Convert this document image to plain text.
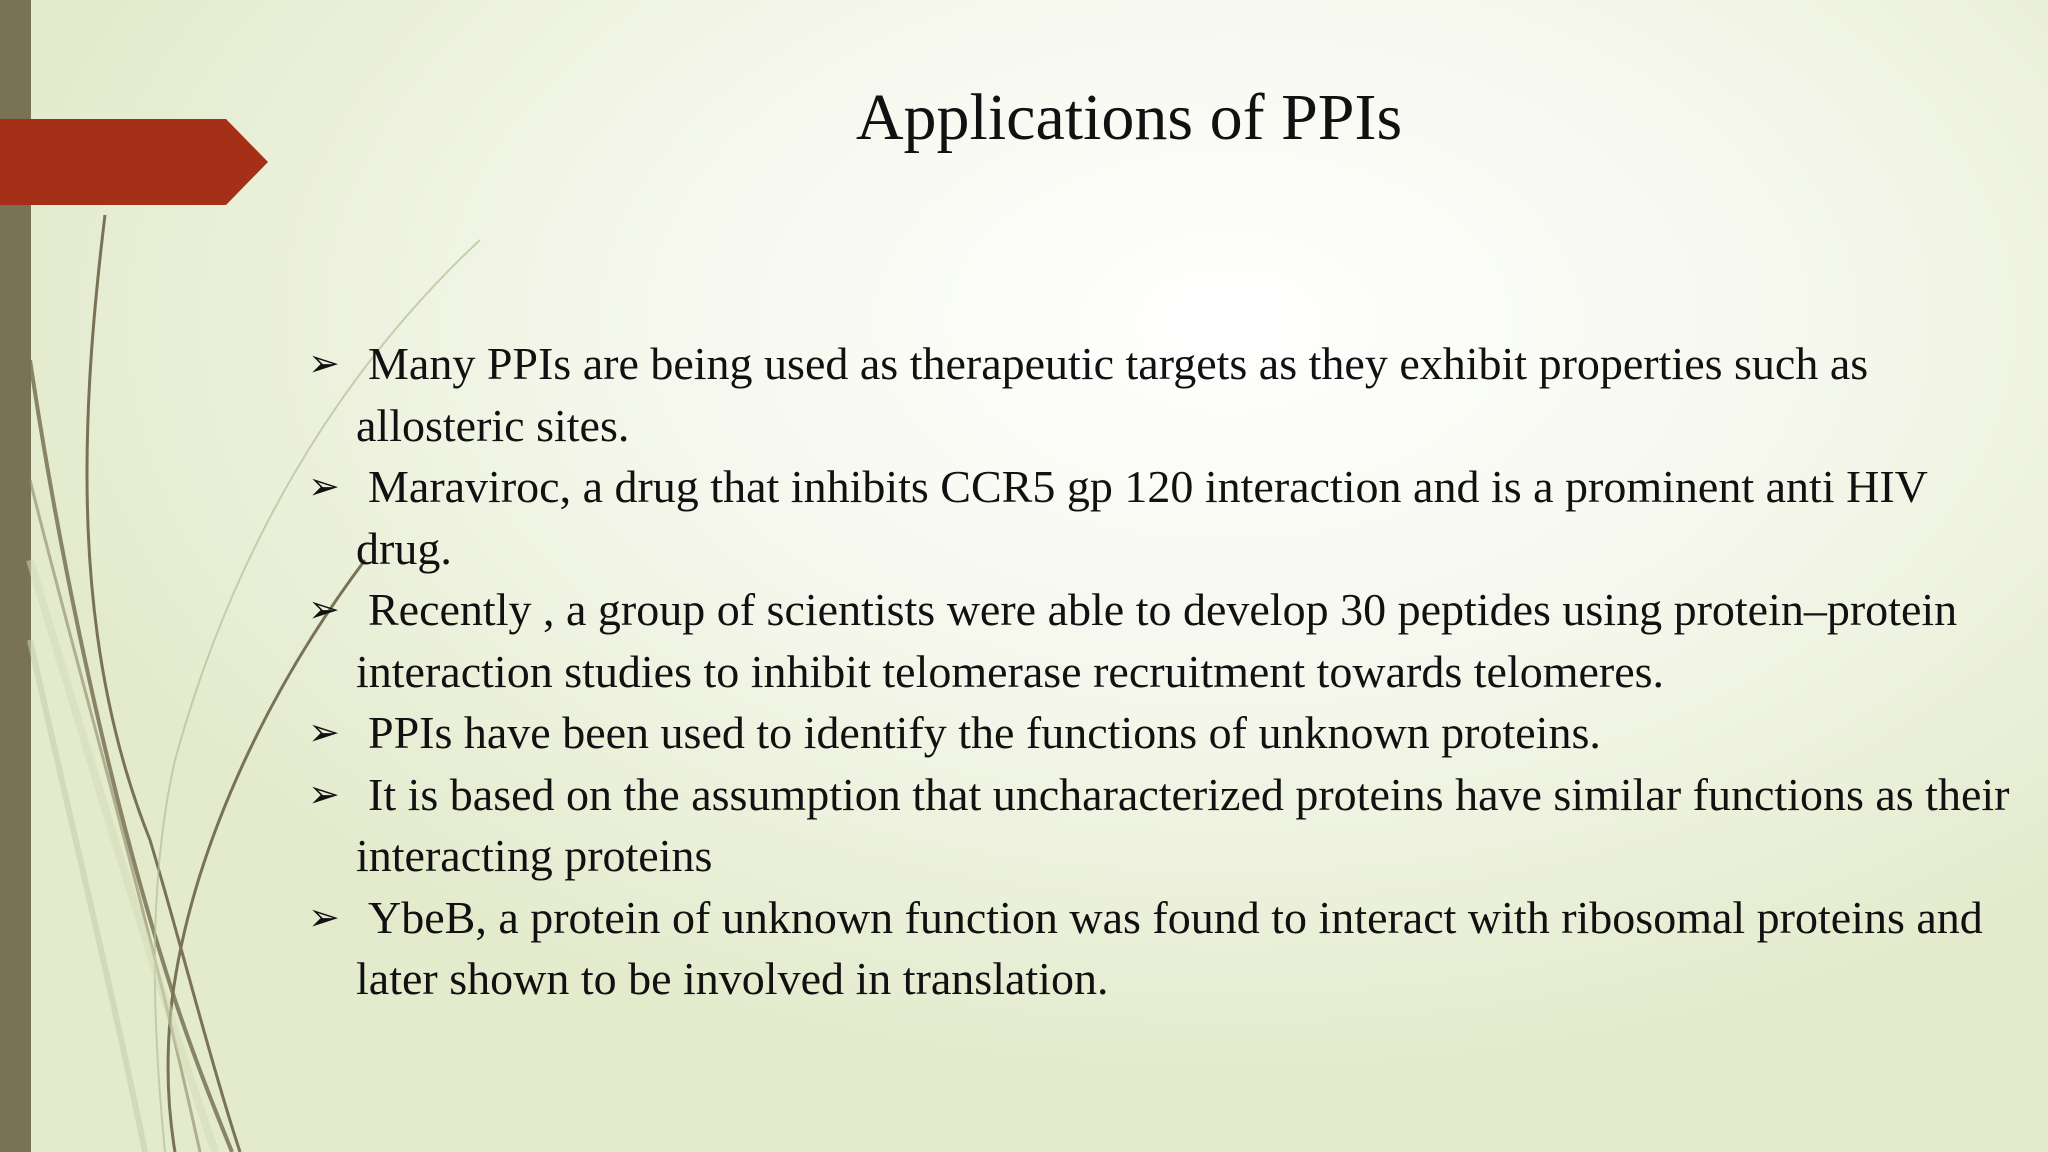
Applications of PPIs
➢ Many PPIs are being used as therapeutic targets as they exhibit properties such as allosteric sites.
➢ Maraviroc, a drug that inhibits CCR5 gp 120 interaction and is a prominent anti HIV drug.
➢ Recently , a group of scientists were able to develop 30 peptides using protein–protein interaction studies to inhibit telomerase recruitment towards telomeres.
➢ PPIs have been used to identify the functions of unknown proteins.
➢ It is based on the assumption that uncharacterized proteins have similar functions as their interacting proteins
➢ YbeB, a protein of unknown function was found to interact with ribosomal proteins and later shown to be involved in translation.
